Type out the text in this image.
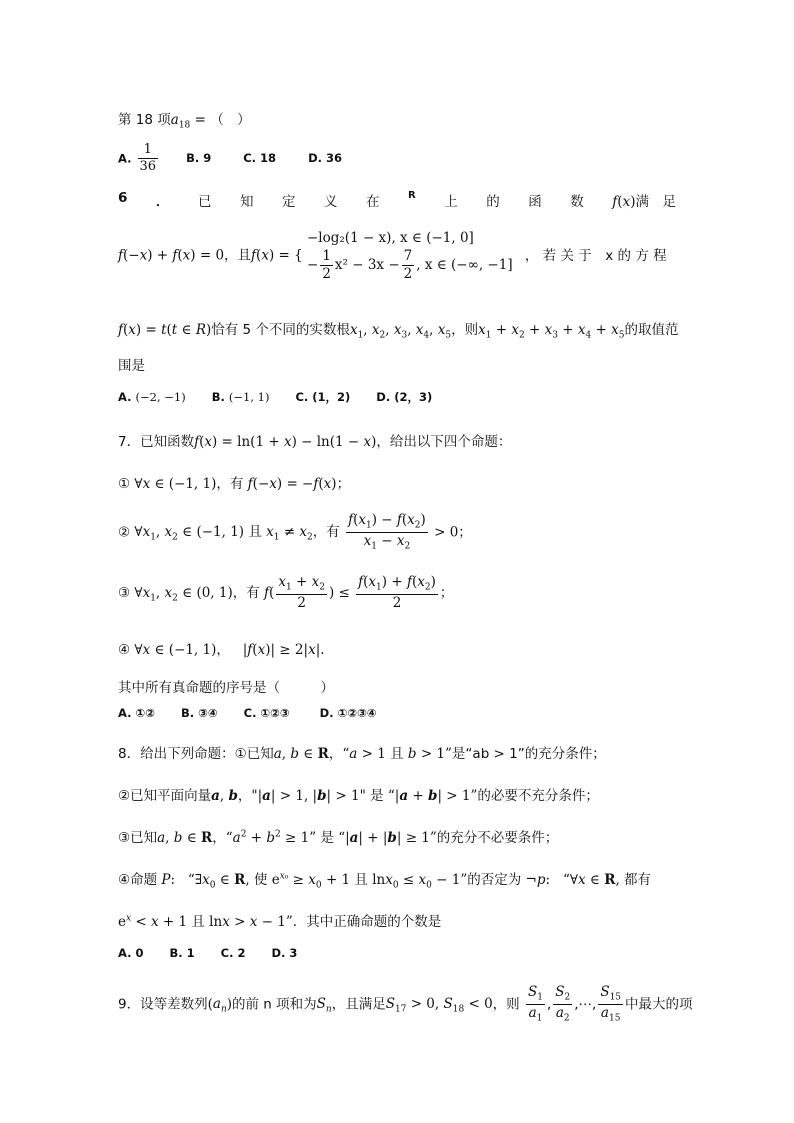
第 18 项$a_{18}$ = （　）
A. $\frac{1}{36} B$. 9	C. 18	D. 36
6 ． 已 知 定 义 在	R 上 的 函 数 f(x)满　足
f(−x) + f(x) = 0，且f(x) = {
−log₂(1 − x), x ∈ (−1, 0]
− $\frac{1}{2} x^2 - 3x - \frac{7}{2}$ , x ∈ (−∞, −1]
， 若 关 于　x 的 方 程
f(x) = t(t ∈ R)恰有 5 个不同的实数根$x_1$, $x_2$, $x_3$, $x_4$, $x_5$，则$x_1 + x_2 + x_3 + x_4 + x_5$的取值范
围是
A. (−2, −1) B. (−1, 1) C. (1，2) D. (2，3)
7．已知函数f(x) = ln(1 + x) − ln(1 − x)，给出以下四个命题：
① ∀x ∈ (−1, 1)，有 f(−x) = −f(x)；
② $\forall x_1$, $x_2$ ∈ (−1, 1) 且 $x_1 \ne x_2$，有 $\frac{f(x_1) - f(x_2)}{x_1 - x_2} > 0$；
③ $\forall x_1$, $x_2$ ∈ (0, 1)，有 $f( \frac{x_1 + x_2}{2}$ ) ≤ $\frac{f(x_1) + f(x_2)}{2}$ ；
④ ∀x ∈ (−1, 1)，   |f(x)| ≥ 2|x|.
其中所有真命题的序号是（　　　）
A. ①② B. ③④ C. ①②③	D. ①②③④
8．给出下列命题：①已知a, b ∈ R，“a > 1 且 b > 1”是“ab > 1”的充分条件；
②已知平面向量a, b，"|a| > 1, |b| > 1" 是 “|a + b| > 1”的必要不充分条件；
③已知a, b ∈ R，“$a^2 + b^2 \ge 1$” 是 “|a| + |b| ≥ 1”的充分不必要条件；
④命题 P:   “$\exists x_0$ ∈ R, 使 $e^{x_0} \ge x_0 + 1$ 且 $\ln x_0 \le x_0 - 1$”的否定为 ¬p:   “∀x ∈ R, 都有
$e^x < x + 1$ 且 lnx > x − 1”．其中正确命题的个数是
A. 0 B. 1 C. 2 D. 3
9．设等差数列$(a_n)$的前 n 项和为$S_n$，且满足$S_{17} > 0$, $S_{18} < 0$，则 $\frac{S_1}{a_1}$ , $\frac{S_2}{a_2}$ ,⋯, $\frac{S_{15}}{a_{15}}$ 中最大的项
